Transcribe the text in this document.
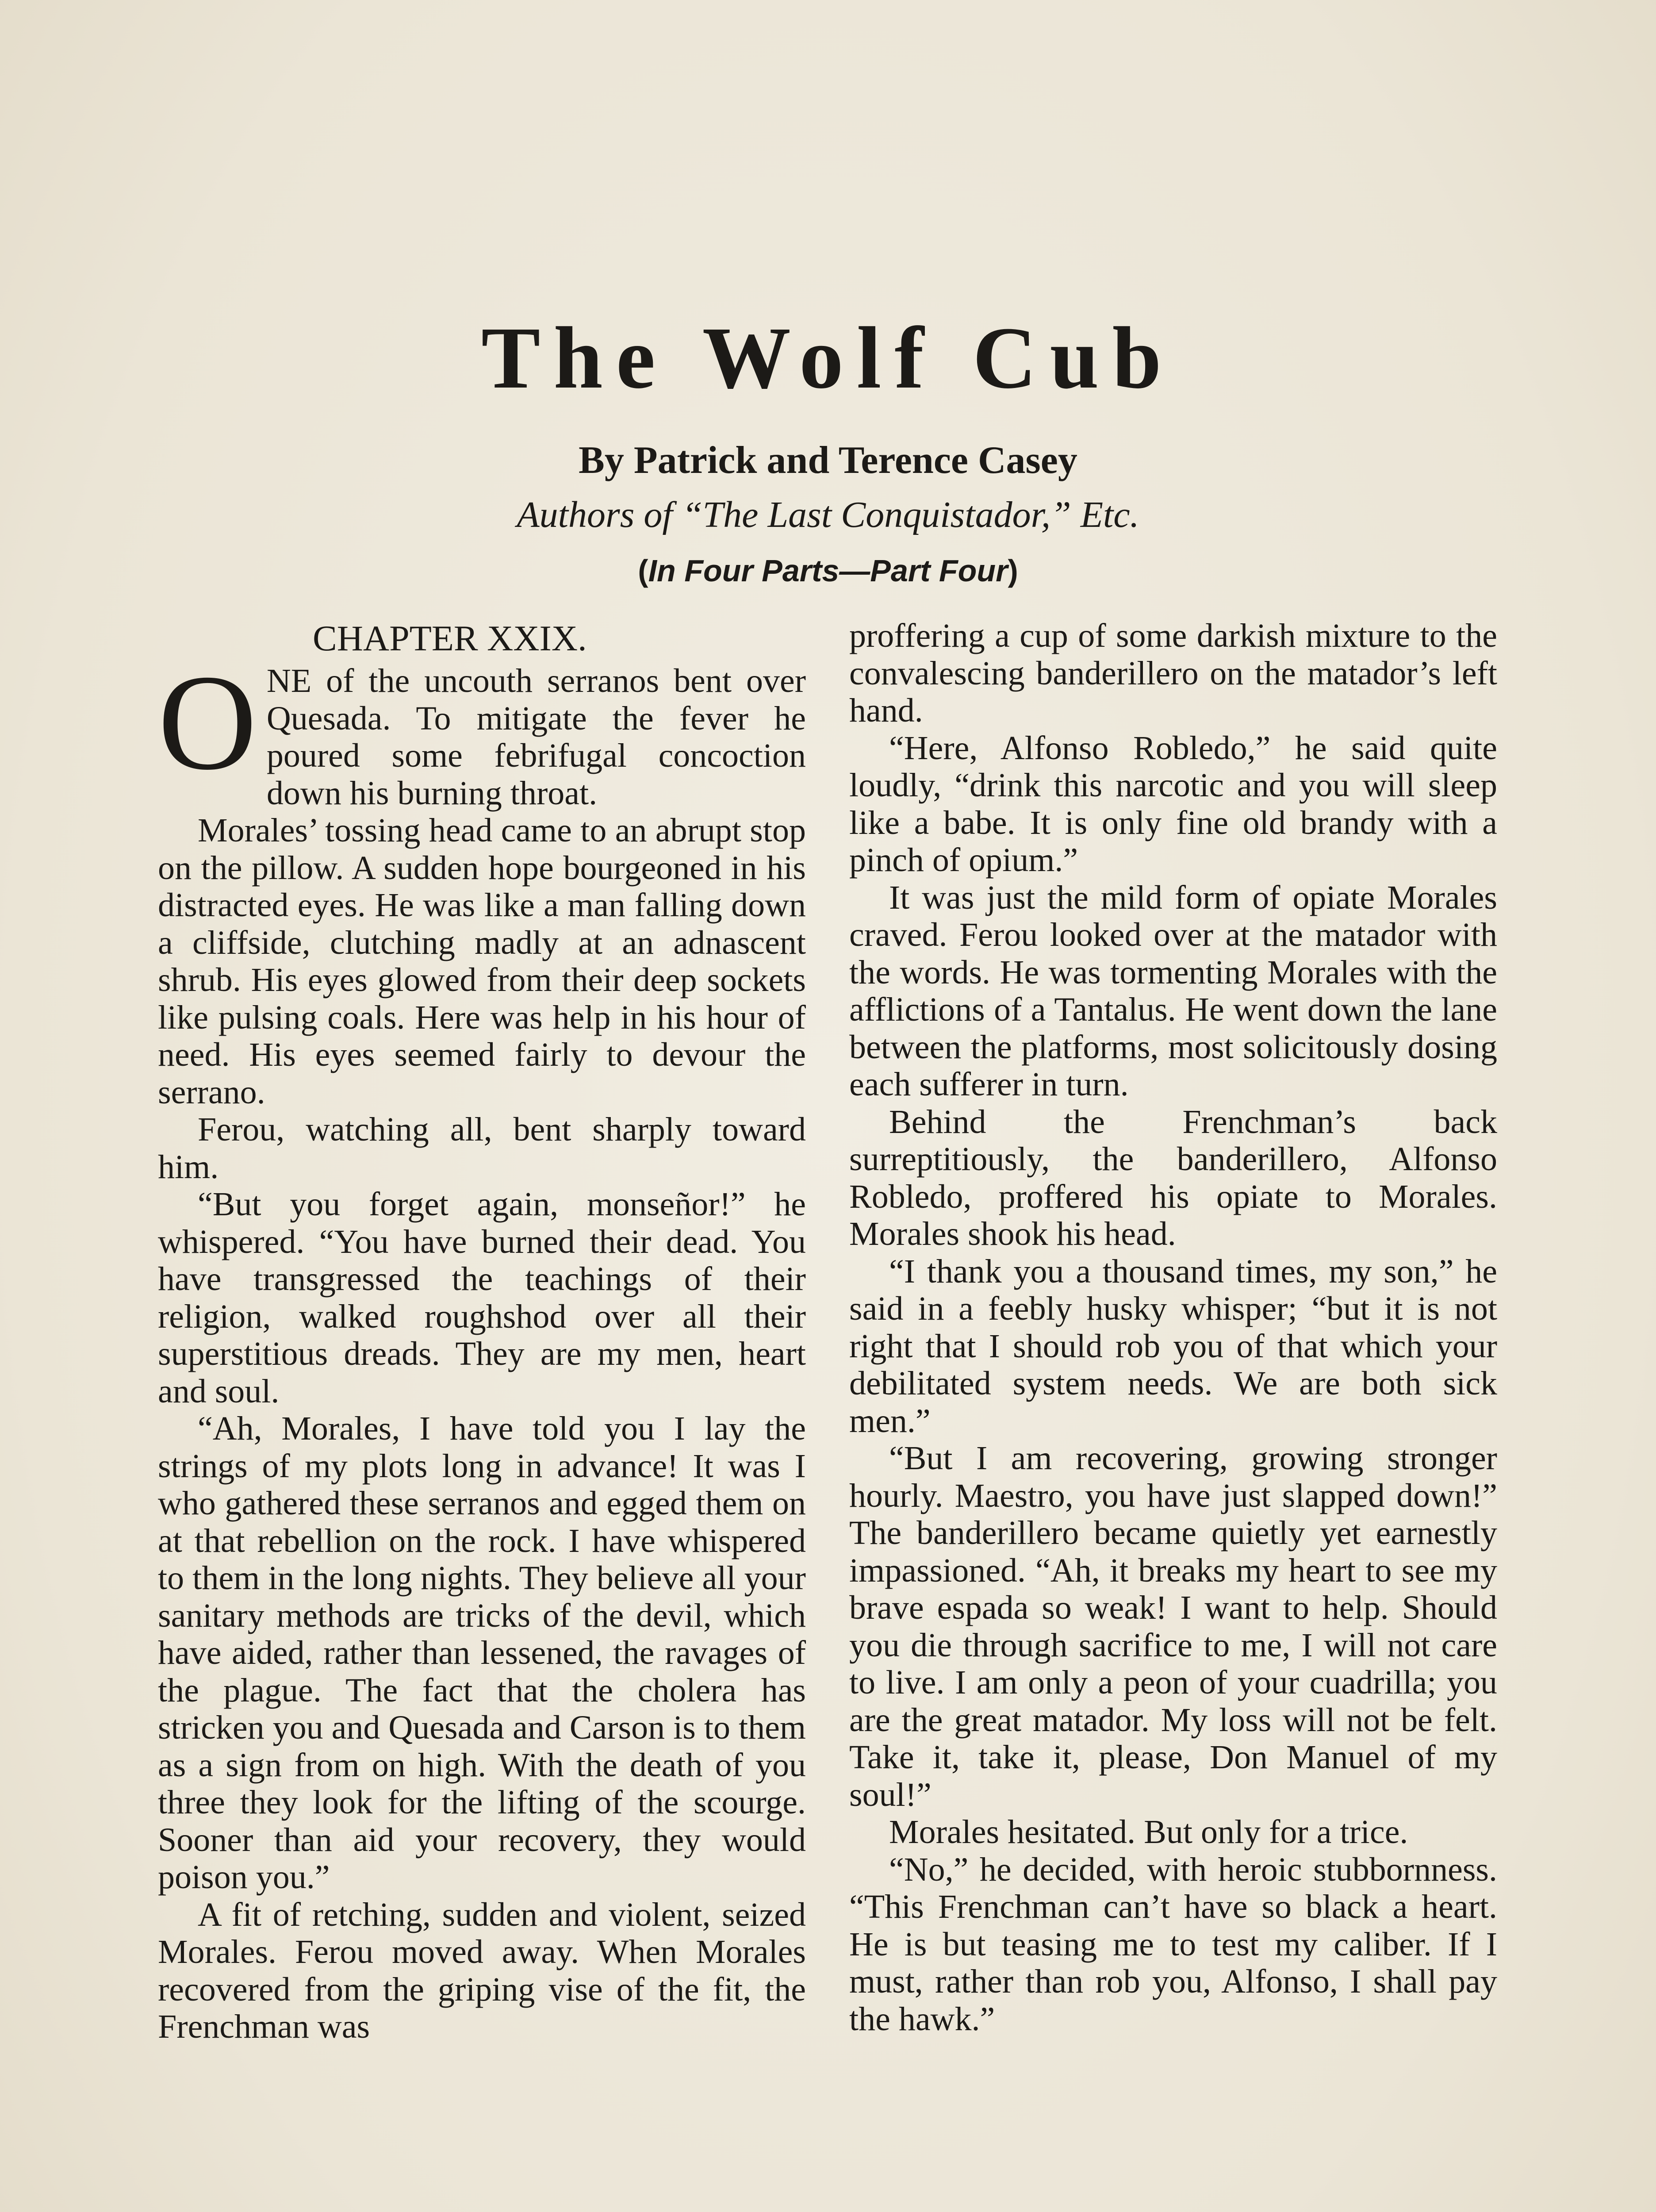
The Wolf Cub

By Patrick and Terence Casey

Authors of “The Last Conquistador,” Etc.

(In Four Parts—Part Four)

CHAPTER XXIX.

ONE of the uncouth serranos bent over Quesada. To mitigate the fever he poured some febrifugal concoction down his burning throat.

Morales’ tossing head came to an abrupt stop on the pillow. A sudden hope bourgeoned in his distracted eyes. He was like a man falling down a cliffside, clutching madly at an adnascent shrub. His eyes glowed from their deep sockets like pulsing coals. Here was help in his hour of need. His eyes seemed fairly to devour the serrano.

Ferou, watching all, bent sharply toward him.

“But you forget again, monseñor!” he whispered. “You have burned their dead. You have transgressed the teachings of their religion, walked roughshod over all their superstitious dreads. They are my men, heart and soul.

“Ah, Morales, I have told you I lay the strings of my plots long in advance! It was I who gathered these serranos and egged them on at that rebellion on the rock. I have whispered to them in the long nights. They believe all your sanitary methods are tricks of the devil, which have aided, rather than lessened, the ravages of the plague. The fact that the cholera has stricken you and Quesada and Carson is to them as a sign from on high. With the death of you three they look for the lifting of the scourge. Sooner than aid your recovery, they would poison you.”

A fit of retching, sudden and violent, seized Morales. Ferou moved away. When Morales recovered from the griping vise of the fit, the Frenchman was

proffering a cup of some darkish mixture to the convalescing banderillero on the matador’s left hand.

“Here, Alfonso Robledo,” he said quite loudly, “drink this narcotic and you will sleep like a babe. It is only fine old brandy with a pinch of opium.”

It was just the mild form of opiate Morales craved. Ferou looked over at the matador with the words. He was tormenting Morales with the afflictions of a Tantalus. He went down the lane between the platforms, most solicitously dosing each sufferer in turn.

Behind the Frenchman’s back surreptitiously, the banderillero, Alfonso Robledo, proffered his opiate to Morales. Morales shook his head.

“I thank you a thousand times, my son,” he said in a feebly husky whisper; “but it is not right that I should rob you of that which your debilitated system needs. We are both sick men.”

“But I am recovering, growing stronger hourly. Maestro, you have just slapped down!” The banderillero became quietly yet earnestly impassioned. “Ah, it breaks my heart to see my brave espada so weak! I want to help. Should you die through sacrifice to me, I will not care to live. I am only a peon of your cuadrilla; you are the great matador. My loss will not be felt. Take it, take it, please, Don Manuel of my soul!”

Morales hesitated. But only for a trice.

“No,” he decided, with heroic stubbornness. “This Frenchman can’t have so black a heart. He is but teasing me to test my caliber. If I must, rather than rob you, Alfonso, I shall pay the hawk.”
